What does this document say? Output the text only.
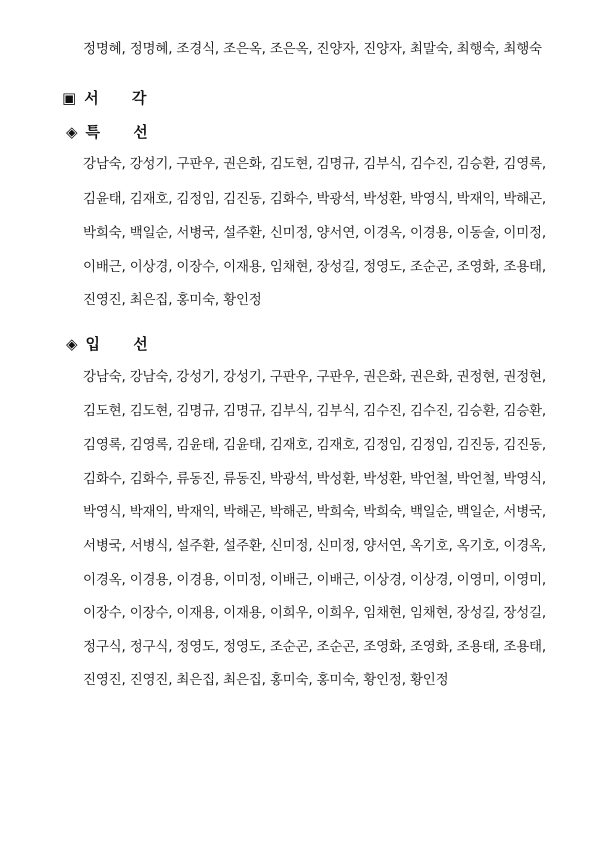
정명혜, 정명혜, 조경식, 조은옥, 조은옥, 진양자, 진양자, 최말숙, 최행숙, 최행숙
▣ 서 각
◈ 특 선
강남숙, 강성기, 구판우, 권은화, 김도현, 김명규, 김부식, 김수진, 김승환, 김영록,
김윤태, 김재호, 김정임, 김진동, 김화수, 박광석, 박성환, 박영식, 박재익, 박해곤,
박희숙, 백일순, 서병국, 설주환, 신미정, 양서연, 이경옥, 이경용, 이동술, 이미정,
이배근, 이상경, 이장수, 이재용, 임채현, 장성길, 정영도, 조순곤, 조영화, 조용태,
진영진, 최은집, 홍미숙, 황인정
◈ 입 선
강남숙, 강남숙, 강성기, 강성기, 구판우, 구판우, 권은화, 권은화, 권정현, 권정현,
김도현, 김도현, 김명규, 김명규, 김부식, 김부식, 김수진, 김수진, 김승환, 김승환,
김영록, 김영록, 김윤태, 김윤태, 김재호, 김재호, 김정임, 김정임, 김진동, 김진동,
김화수, 김화수, 류동진, 류동진, 박광석, 박성환, 박성환, 박언철, 박언철, 박영식,
박영식, 박재익, 박재익, 박해곤, 박해곤, 박희숙, 박희숙, 백일순, 백일순, 서병국,
서병국, 서병식, 설주환, 설주환, 신미정, 신미정, 양서연, 옥기호, 옥기호, 이경옥,
이경옥, 이경용, 이경용, 이미정, 이배근, 이배근, 이상경, 이상경, 이영미, 이영미,
이장수, 이장수, 이재용, 이재용, 이희우, 이희우, 임채현, 임채현, 장성길, 장성길,
정구식, 정구식, 정영도, 정영도, 조순곤, 조순곤, 조영화, 조영화, 조용태, 조용태,
진영진, 진영진, 최은집, 최은집, 홍미숙, 홍미숙, 황인정, 황인정
